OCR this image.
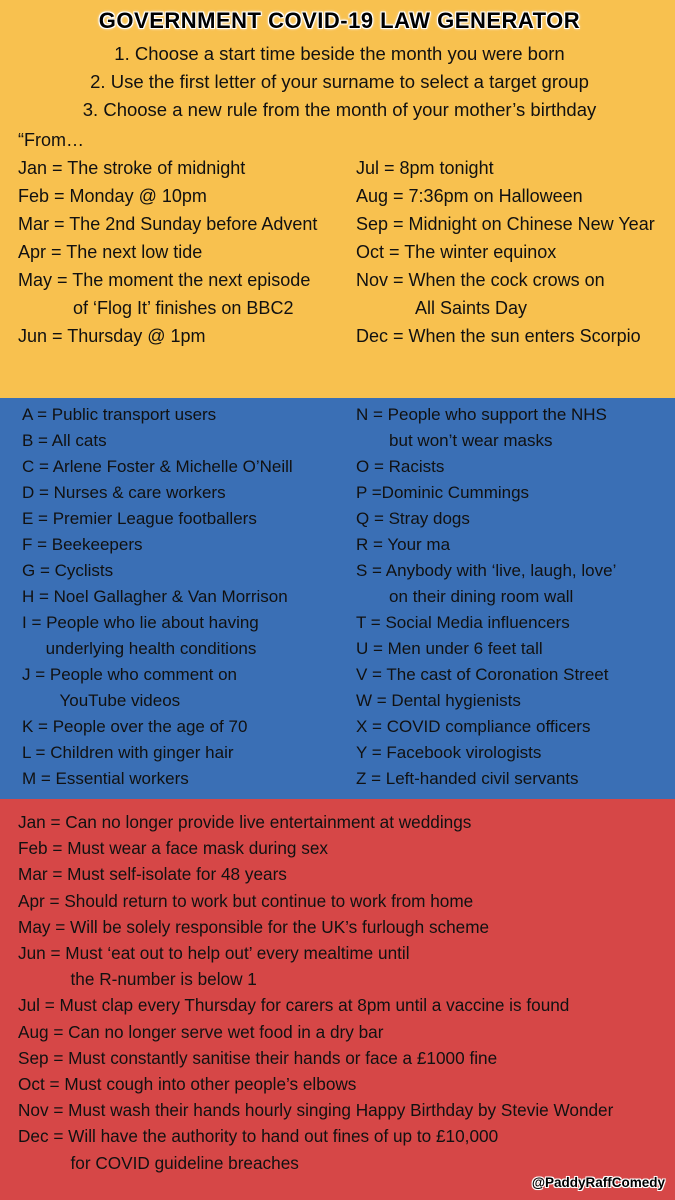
GOVERNMENT COVID-19 LAW GENERATOR
1. Choose a start time beside the month you were born
2. Use the first letter of your surname to select a target group
3. Choose a new rule from the month of your mother’s birthday
“From…
Jan = The stroke of midnight
Feb = Monday @ 10pm
Mar = The 2nd Sunday before Advent
Apr = The next low tide
May = The moment the next episode
of ‘Flog It’ finishes on BBC2
Jun = Thursday @ 1pm
Jul = 8pm tonight
Aug = 7:36pm on Halloween
Sep = Midnight on Chinese New Year
Oct = The winter equinox
Nov = When the cock crows on
All Saints Day
Dec = When the sun enters Scorpio
A = Public transport users
B = All cats
C = Arlene Foster & Michelle O’Neill
D = Nurses & care workers
E = Premier League footballers
F = Beekeepers
G = Cyclists
H = Noel Gallagher & Van Morrison
I = People who lie about having
underlying health conditions
J = People who comment on
YouTube videos
K = People over the age of 70
L = Children with ginger hair
M = Essential workers
N = People who support the NHS
but won’t wear masks
O = Racists
P =Dominic Cummings
Q = Stray dogs
R = Your ma
S = Anybody with ‘live, laugh, love’
on their dining room wall
T = Social Media influencers
U = Men under 6 feet tall
V = The cast of Coronation Street
W = Dental hygienists
X = COVID compliance officers
Y = Facebook virologists
Z = Left-handed civil servants
Jan = Can no longer provide live entertainment at weddings
Feb = Must wear a face mask during sex
Mar = Must self-isolate for 48 years
Apr = Should return to work but continue to work from home
May = Will be solely responsible for the UK’s furlough scheme
Jun = Must ‘eat out to help out’ every mealtime until
the R-number is below 1
Jul = Must clap every Thursday for carers at 8pm until a vaccine is found
Aug = Can no longer serve wet food in a dry bar
Sep = Must constantly sanitise their hands or face a £1000 fine
Oct = Must cough into other people’s elbows
Nov = Must wash their hands hourly singing Happy Birthday by Stevie Wonder
Dec = Will have the authority to hand out fines of up to £10,000
for COVID guideline breaches
@PaddyRaffComedy
